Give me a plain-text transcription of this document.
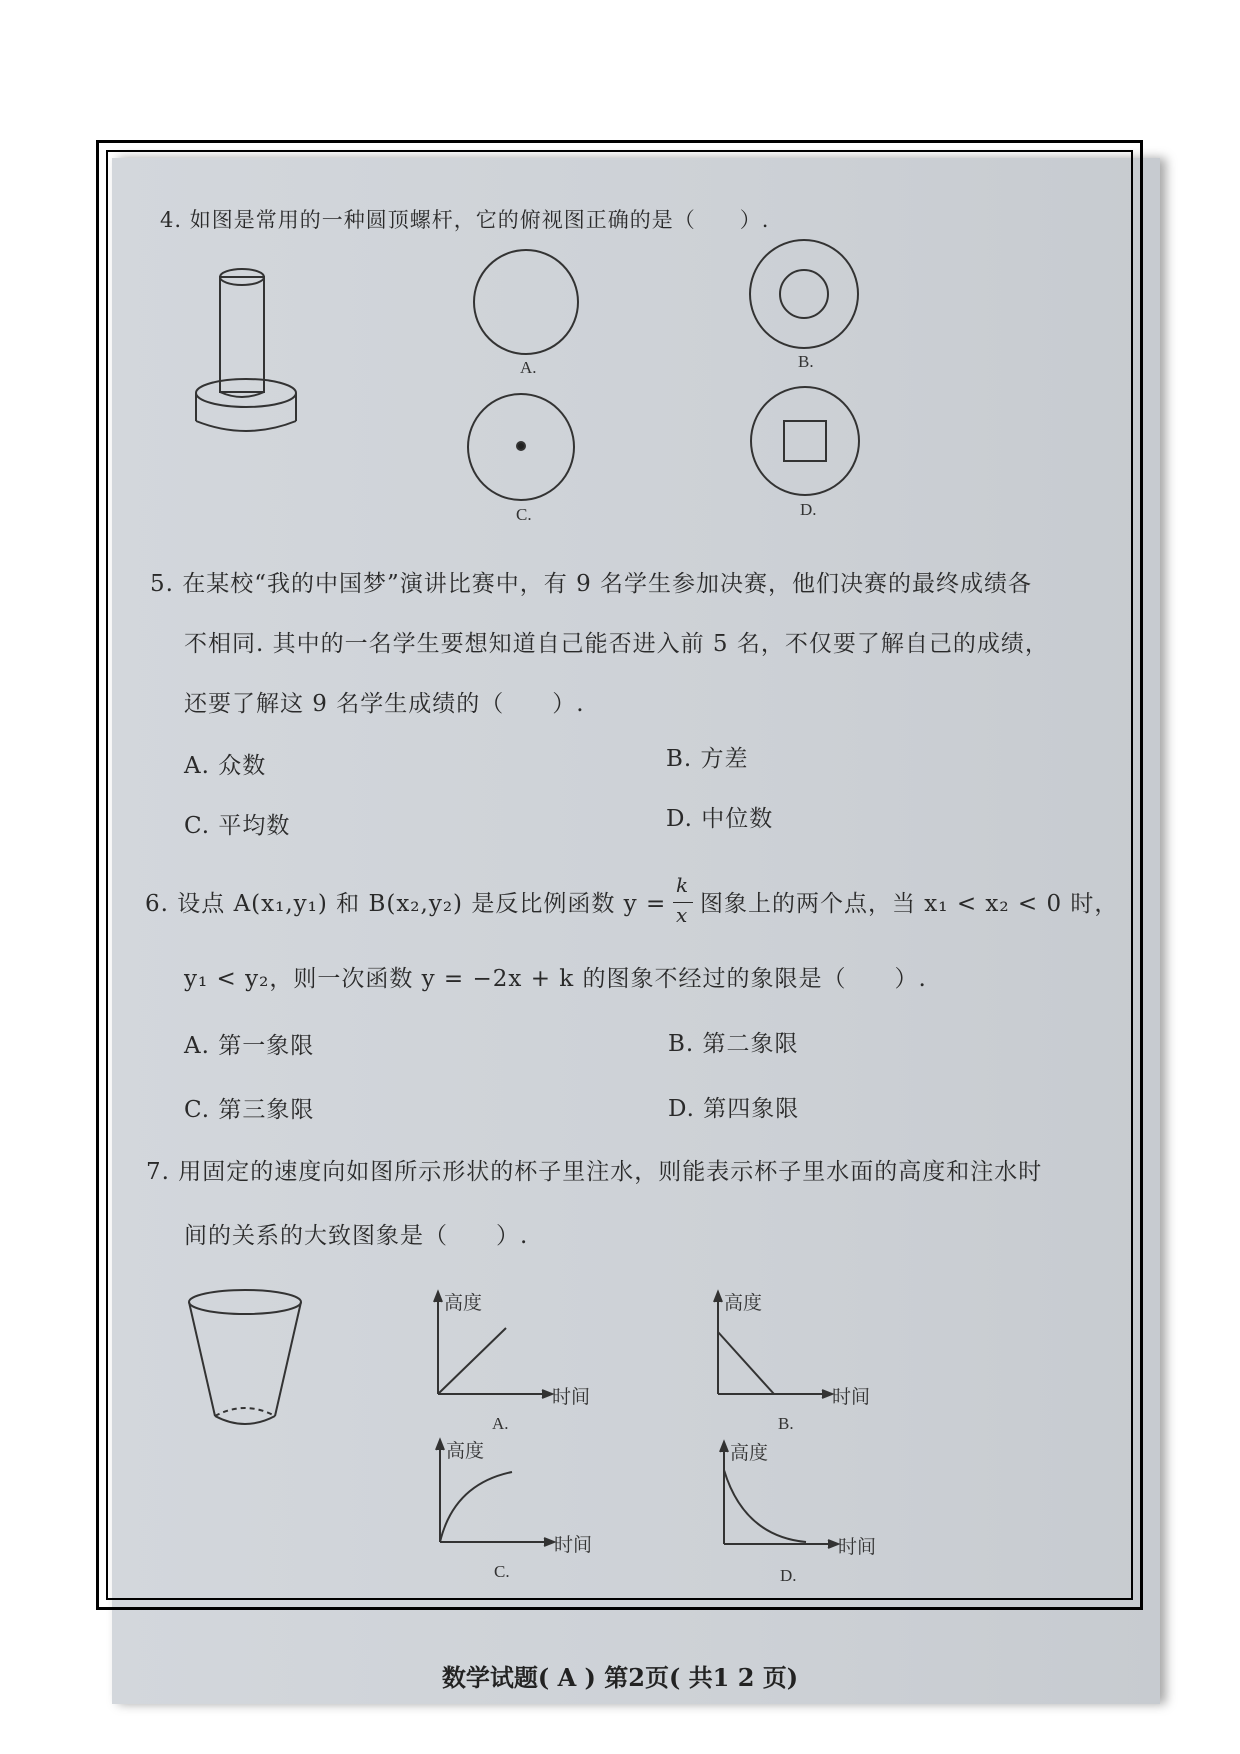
4. 如图是常用的一种圆顶螺杆，它的俯视图正确的是（　　）.
A.	B.
C.	D.
5. 在某校“我的中国梦”演讲比赛中，有 9 名学生参加决赛，他们决赛的最终成绩各
不相同. 其中的一名学生要想知道自己能否进入前 5 名，不仅要了解自己的成绩，
还要了解这 9 名学生成绩的（　　）.
A. 众数	B. 方差
C. 平均数	D. 中位数
6. 设点 A(x₁,y₁) 和 B(x₂,y₂) 是反比例函数 y =
k
x 图象上的两个点，当 x₁ < x₂ < 0 时，
y₁ < y₂，则一次函数 y = −2x + k 的图象不经过的象限是（　　）.
A. 第一象限	B. 第二象限
C. 第三象限	D. 第四象限
7. 用固定的速度向如图所示形状的杯子里注水，则能表示杯子里水面的高度和注水时
间的关系的大致图象是（　　）.
高度
时间
A.
高度
时间
B.
高度
时间
C.
高度
时间
D.
数学试题( A ) 第2页( 共1 2 页)
